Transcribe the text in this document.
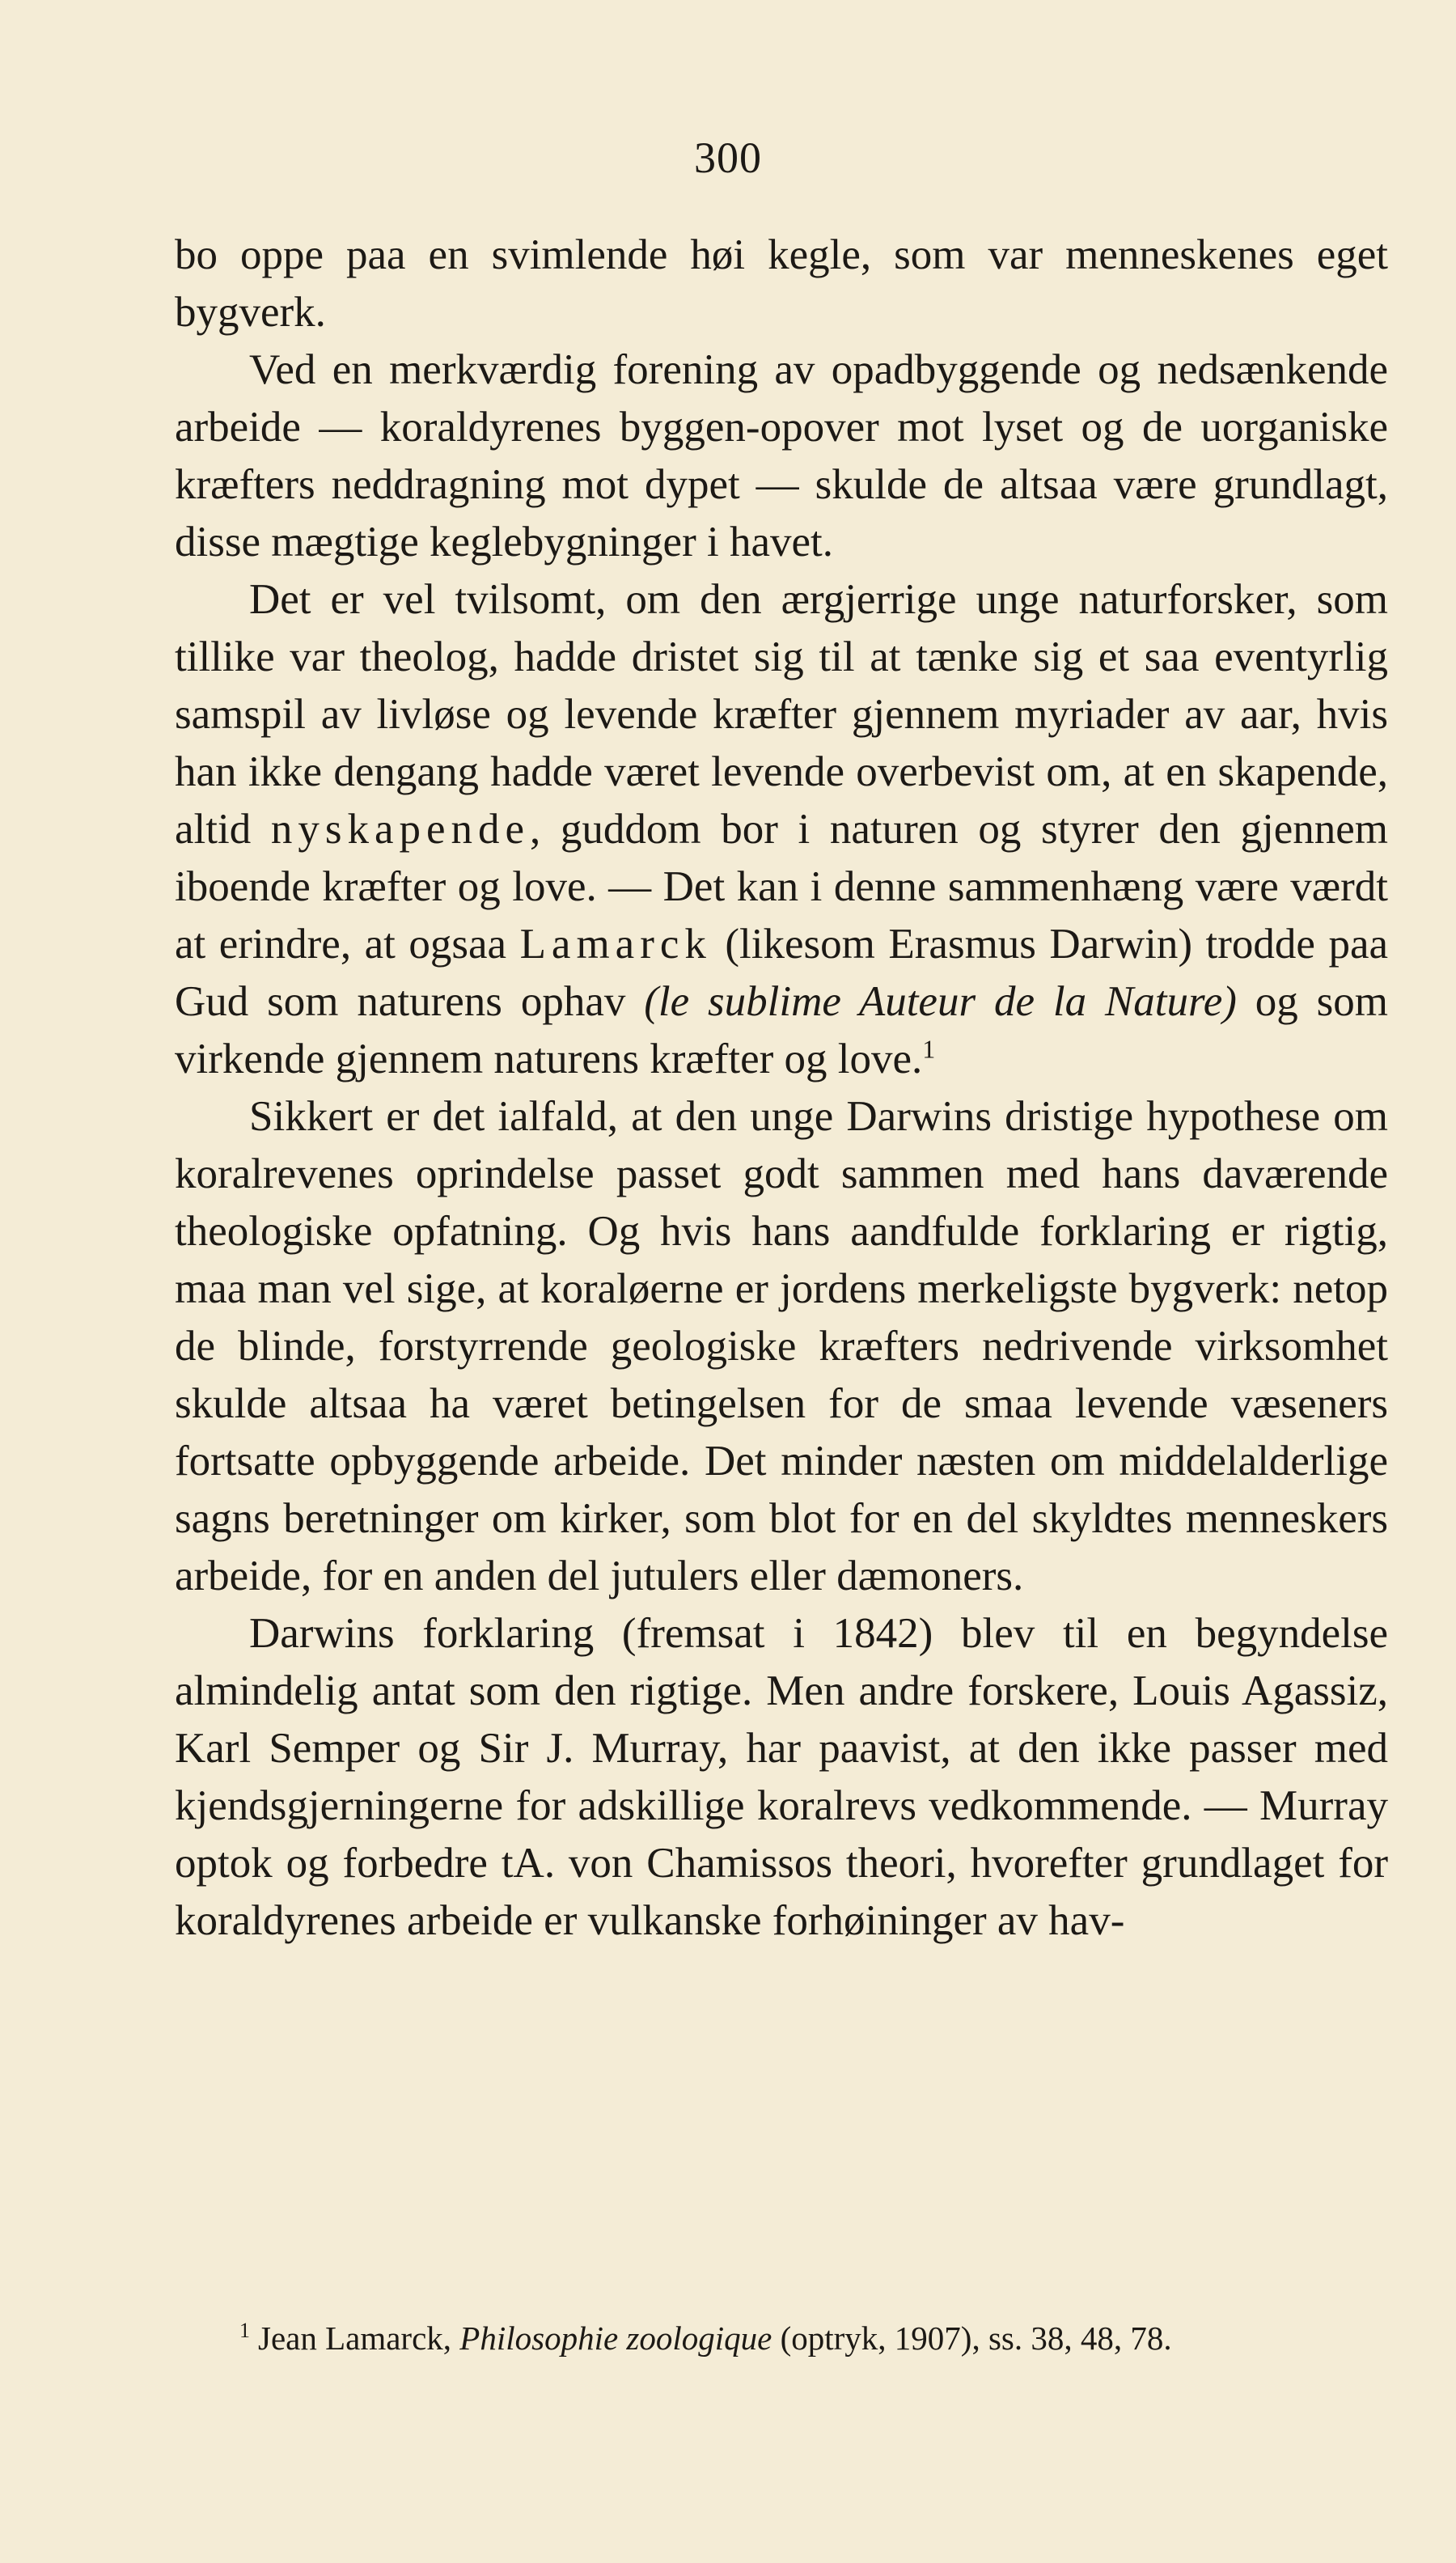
300

bo oppe paa en svimlende høi kegle, som var menneskenes eget bygverk.

Ved en merkværdig forening av opadbyggende og nedsænkende arbeide — koraldyrenes byggen-opover mot lyset og de uorganiske kræfters neddragning mot dypet — skulde de altsaa være grundlagt, disse mægtige keglebygninger i havet.

Det er vel tvilsomt, om den ærgjerrige unge naturforsker, som tillike var theolog, hadde dristet sig til at tænke sig et saa eventyrlig samspil av livløse og levende kræfter gjennem myriader av aar, hvis han ikke dengang hadde været levende overbevist om, at en skapende, altid nyskapende, guddom bor i naturen og styrer den gjennem iboende kræfter og love. — Det kan i denne sammenhæng være værdt at erindre, at ogsaa Lamarck (likesom Erasmus Darwin) trodde paa Gud som naturens ophav (le sublime Auteur de la Nature) og som virkende gjennem naturens kræfter og love.$^1$

Sikkert er det ialfald, at den unge Darwins dristige hypothese om koralrevenes oprindelse passet godt sammen med hans daværende theologiske opfatning. Og hvis hans aandfulde forklaring er rigtig, maa man vel sige, at koraløerne er jordens merkeligste bygverk: netop de blinde, forstyrrende geologiske kræfters nedrivende virksomhet skulde altsaa ha været betingelsen for de smaa levende væseners fortsatte opbyggende arbeide. Det minder næsten om middelalderlige sagns beretninger om kirker, som blot for en del skyldtes menneskers arbeide, for en anden del jutulers eller dæmoners.

Darwins forklaring (fremsat i 1842) blev til en begyndelse almindelig antat som den rigtige. Men andre forskere, Louis Agassiz, Karl Semper og Sir J. Murray, har paavist, at den ikke passer med kjendsgjerningerne for adskillige koralrevs vedkommende. — Murray optok og forbedre tA. von Chamissos theori, hvorefter grundlaget for koraldyrenes arbeide er vulkanske forhøininger av hav-

$^1$ Jean Lamarck, Philosophie zoologique (optryk, 1907), ss. 38, 48, 78.
